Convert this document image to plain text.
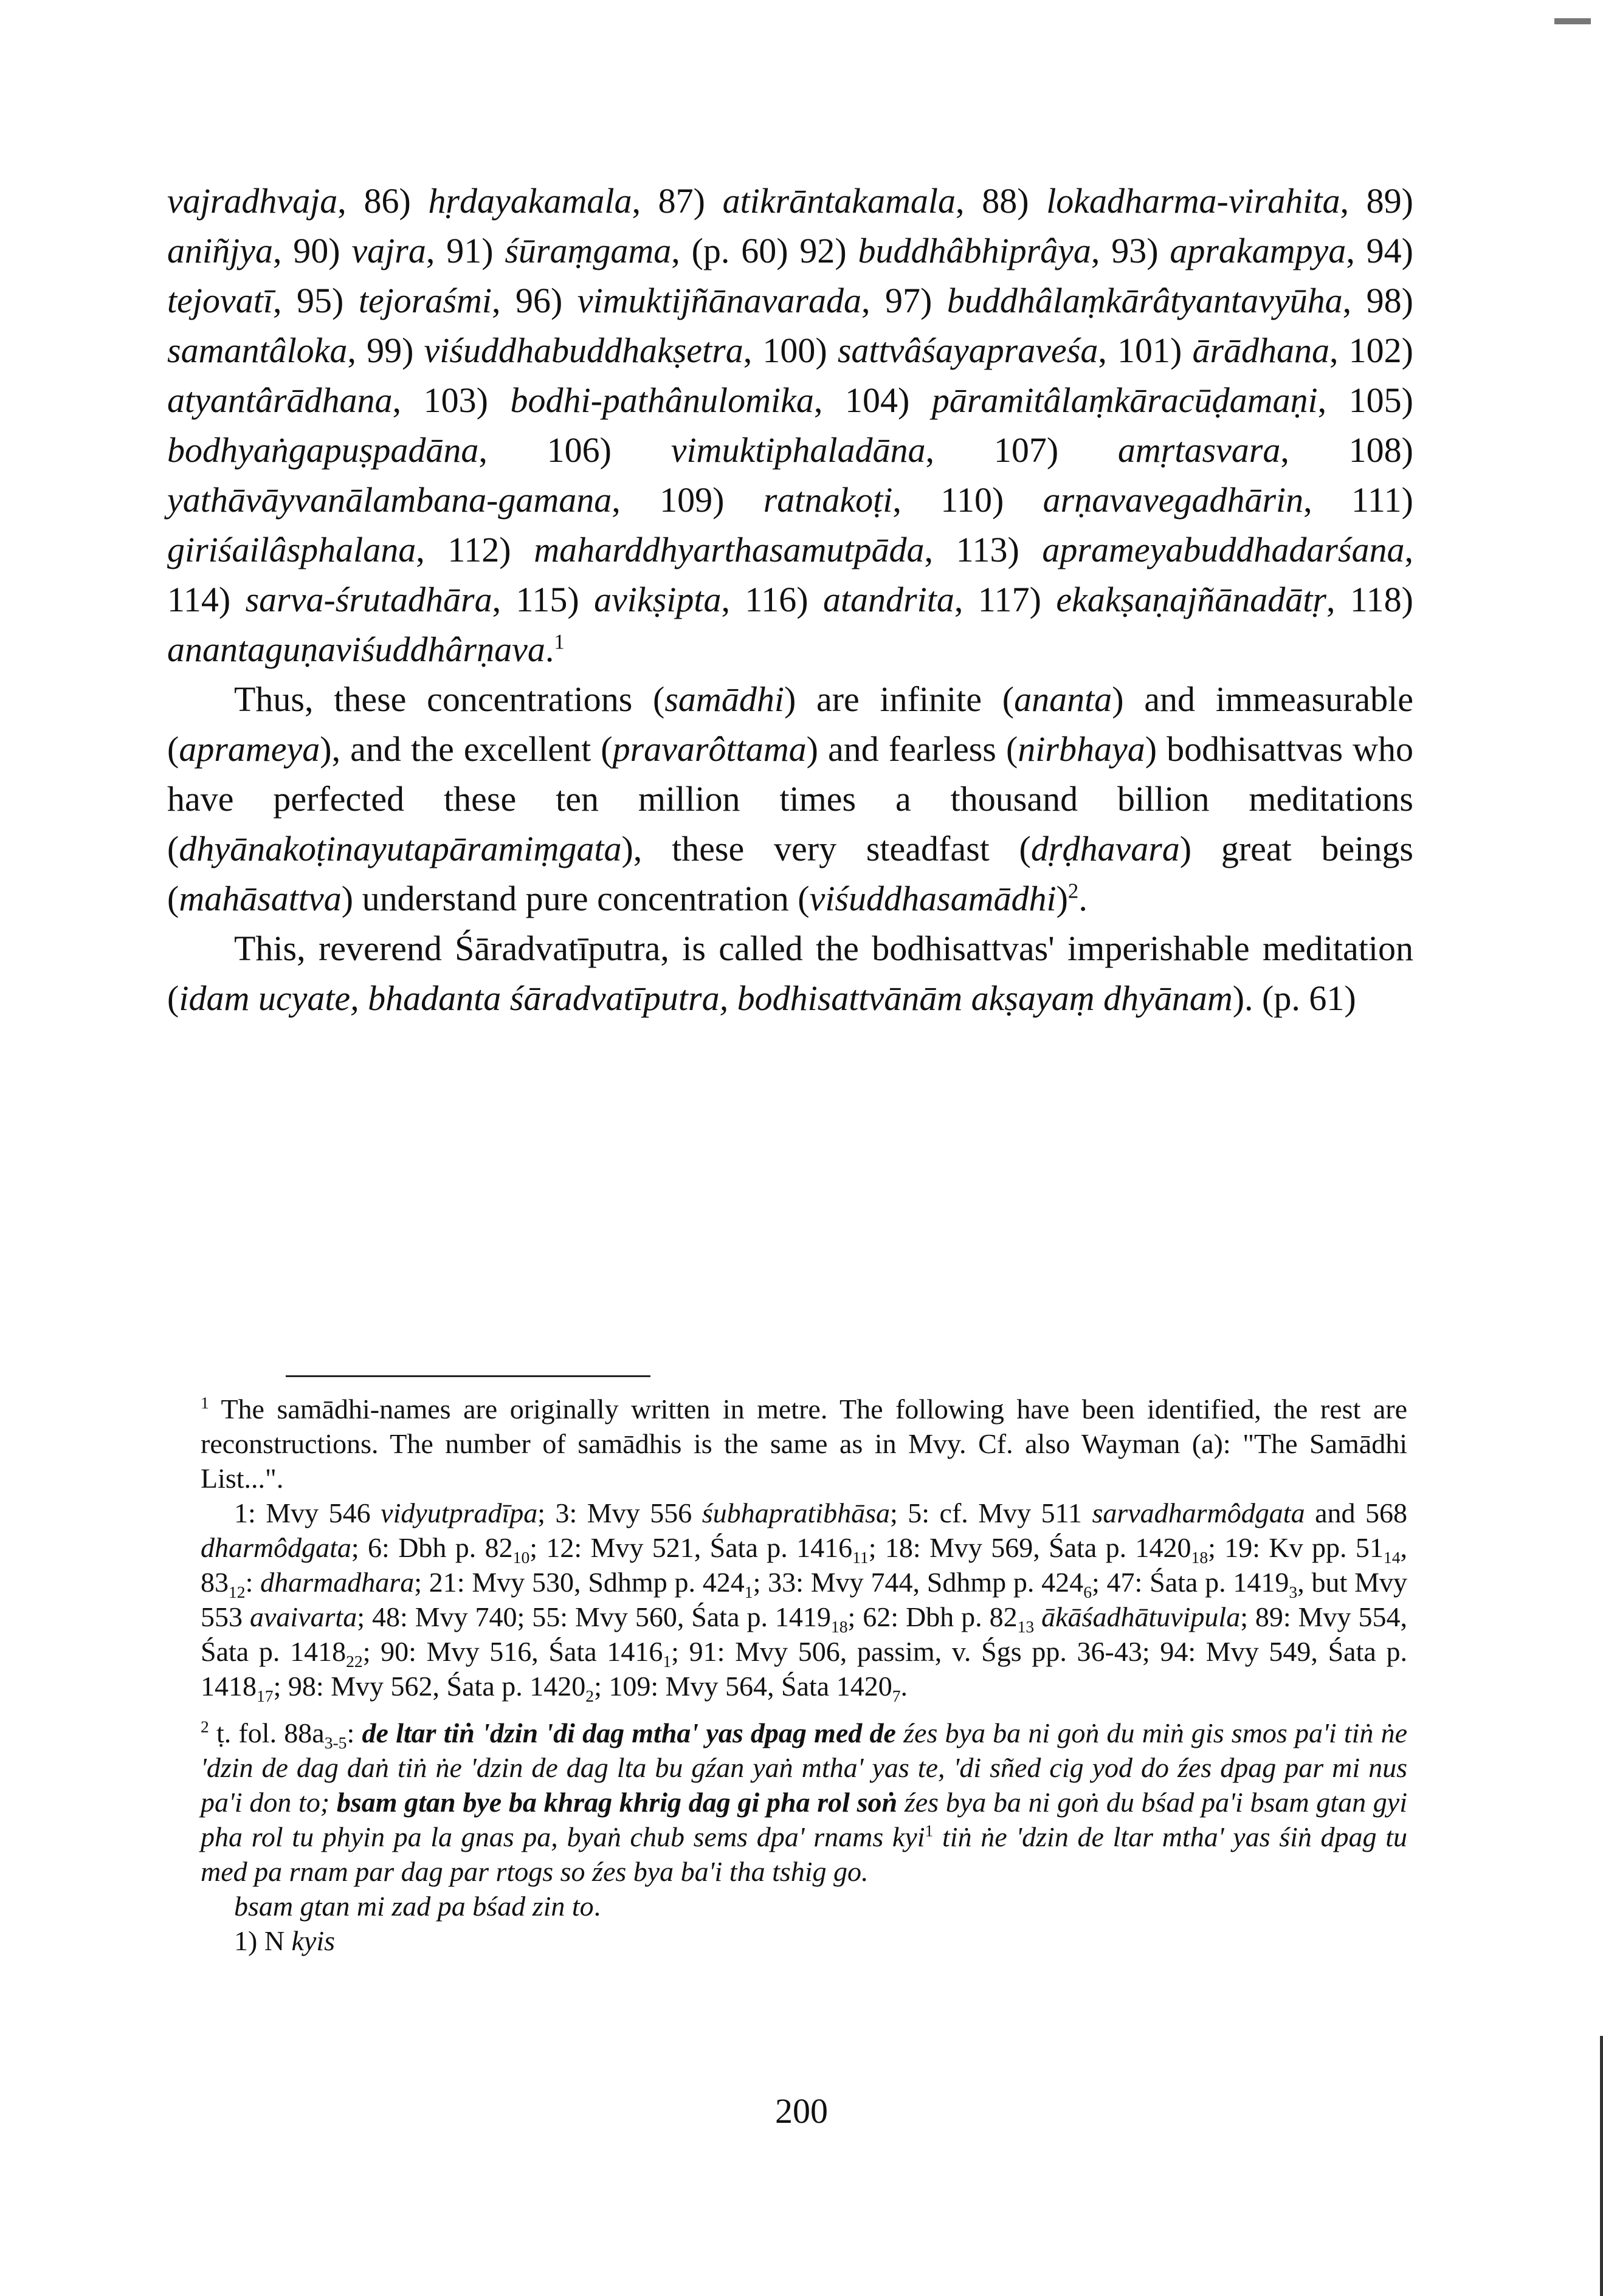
vajradhvaja, 86) hṛdayakamala, 87) atikrāntakamala, 88) lokadharma-virahita, 89) aniñjya, 90) vajra, 91) śūraṃgama, (p. 60) 92) buddhâbhiprâya, 93) aprakampya, 94) tejovatī, 95) tejoraśmi, 96) vimuktijñānavarada, 97) buddhâlaṃkārâtyantavyūha, 98) samantâloka, 99) viśuddhabuddhakṣetra, 100) sattvâśayapraveśa, 101) ārādhana, 102) atyantârādhana, 103) bodhi-pathânulomika, 104) pāramitâlaṃkāracūḍamaṇi, 105) bodhyaṅgapuṣpadāna, 106) vimuktiphaladāna, 107) amṛtasvara, 108) yathāvāyvanālambana-gamana, 109) ratnakoṭi, 110) arṇavavegadhārin, 111) giriśailâsphalana, 112) maharddhyarthasamutpāda, 113) aprameyabuddhadarśana, 114) sarva-śrutadhāra, 115) avikṣipta, 116) atandrita, 117) ekakṣaṇajñānadātṛ, 118) anantaguṇaviśuddhârṇava.$^1$

Thus, these concentrations (samādhi) are infinite (ananta) and immeasurable (aprameya), and the excellent (pravarôttama) and fearless (nirbhaya) bodhisattvas who have perfected these ten million times a thousand billion meditations (dhyānakoṭinayutapāramiṃgata), these very steadfast (dṛḍhavara) great beings (mahāsattva) understand pure concentration (viśuddhasamādhi)$^2$.

This, reverend Śāradvatīputra, is called the bodhisattvas' imperishable meditation (idam ucyate, bhadanta śāradvatīputra, bodhisattvānām akṣayaṃ dhyānam). (p. 61)

$^1$ The samādhi-names are originally written in metre. The following have been identified, the rest are reconstructions. The number of samādhis is the same as in Mvy. Cf. also Wayman (a): "The Samādhi List...".

1: Mvy 546 vidyutpradīpa; 3: Mvy 556 śubhapratibhāsa; 5: cf. Mvy 511 sarvadharmôdgata and 568 dharmôdgata; 6: Dbh p. $82_{10}$; 12: Mvy 521, Śata p. $1416_{11}$; 18: Mvy 569, Śata p. $1420_{18}$; 19: Kv pp. $51_{14}$, $83_{12}$: dharmadhara; 21: Mvy 530, Sdhmp p. $424_1$; 33: Mvy 744, Sdhmp p. $424_6$; 47: Śata p. $1419_3$, but Mvy 553 avaivarta; 48: Mvy 740; 55: Mvy 560, Śata p. $1419_{18}$; 62: Dbh p. $82_{13}$ ākāśadhātuvipula; 89: Mvy 554, Śata p. $1418_{22}$; 90: Mvy 516, Śata $1416_1$; 91: Mvy 506, passim, v. Śgs pp. 36-43; 94: Mvy 549, Śata p. $1418_{17}$; 98: Mvy 562, Śata p. $1420_2$; 109: Mvy 564, Śata $1420_7$.

$^2$ ṭ. fol. $88a_{3-5}$: de ltar tiṅ 'dzin 'di dag mtha' yas dpag med de źes bya ba ni goṅ du miṅ gis smos pa'i tiṅ ṅe 'dzin de dag daṅ tiṅ ṅe 'dzin de dag lta bu gźan yaṅ mtha' yas te, 'di sñed cig yod do źes dpag par mi nus pa'i don to; bsam gtan bye ba khrag khrig dag gi pha rol soṅ źes bya ba ni goṅ du bśad pa'i bsam gtan gyi pha rol tu phyin pa la gnas pa, byaṅ chub sems dpa' rnams kyi$^1$ tiṅ ṅe 'dzin de ltar mtha' yas śiṅ dpag tu med pa rnam par dag par rtogs so źes bya ba'i tha tshig go.

bsam gtan mi zad pa bśad zin to.

1) N kyis

200
